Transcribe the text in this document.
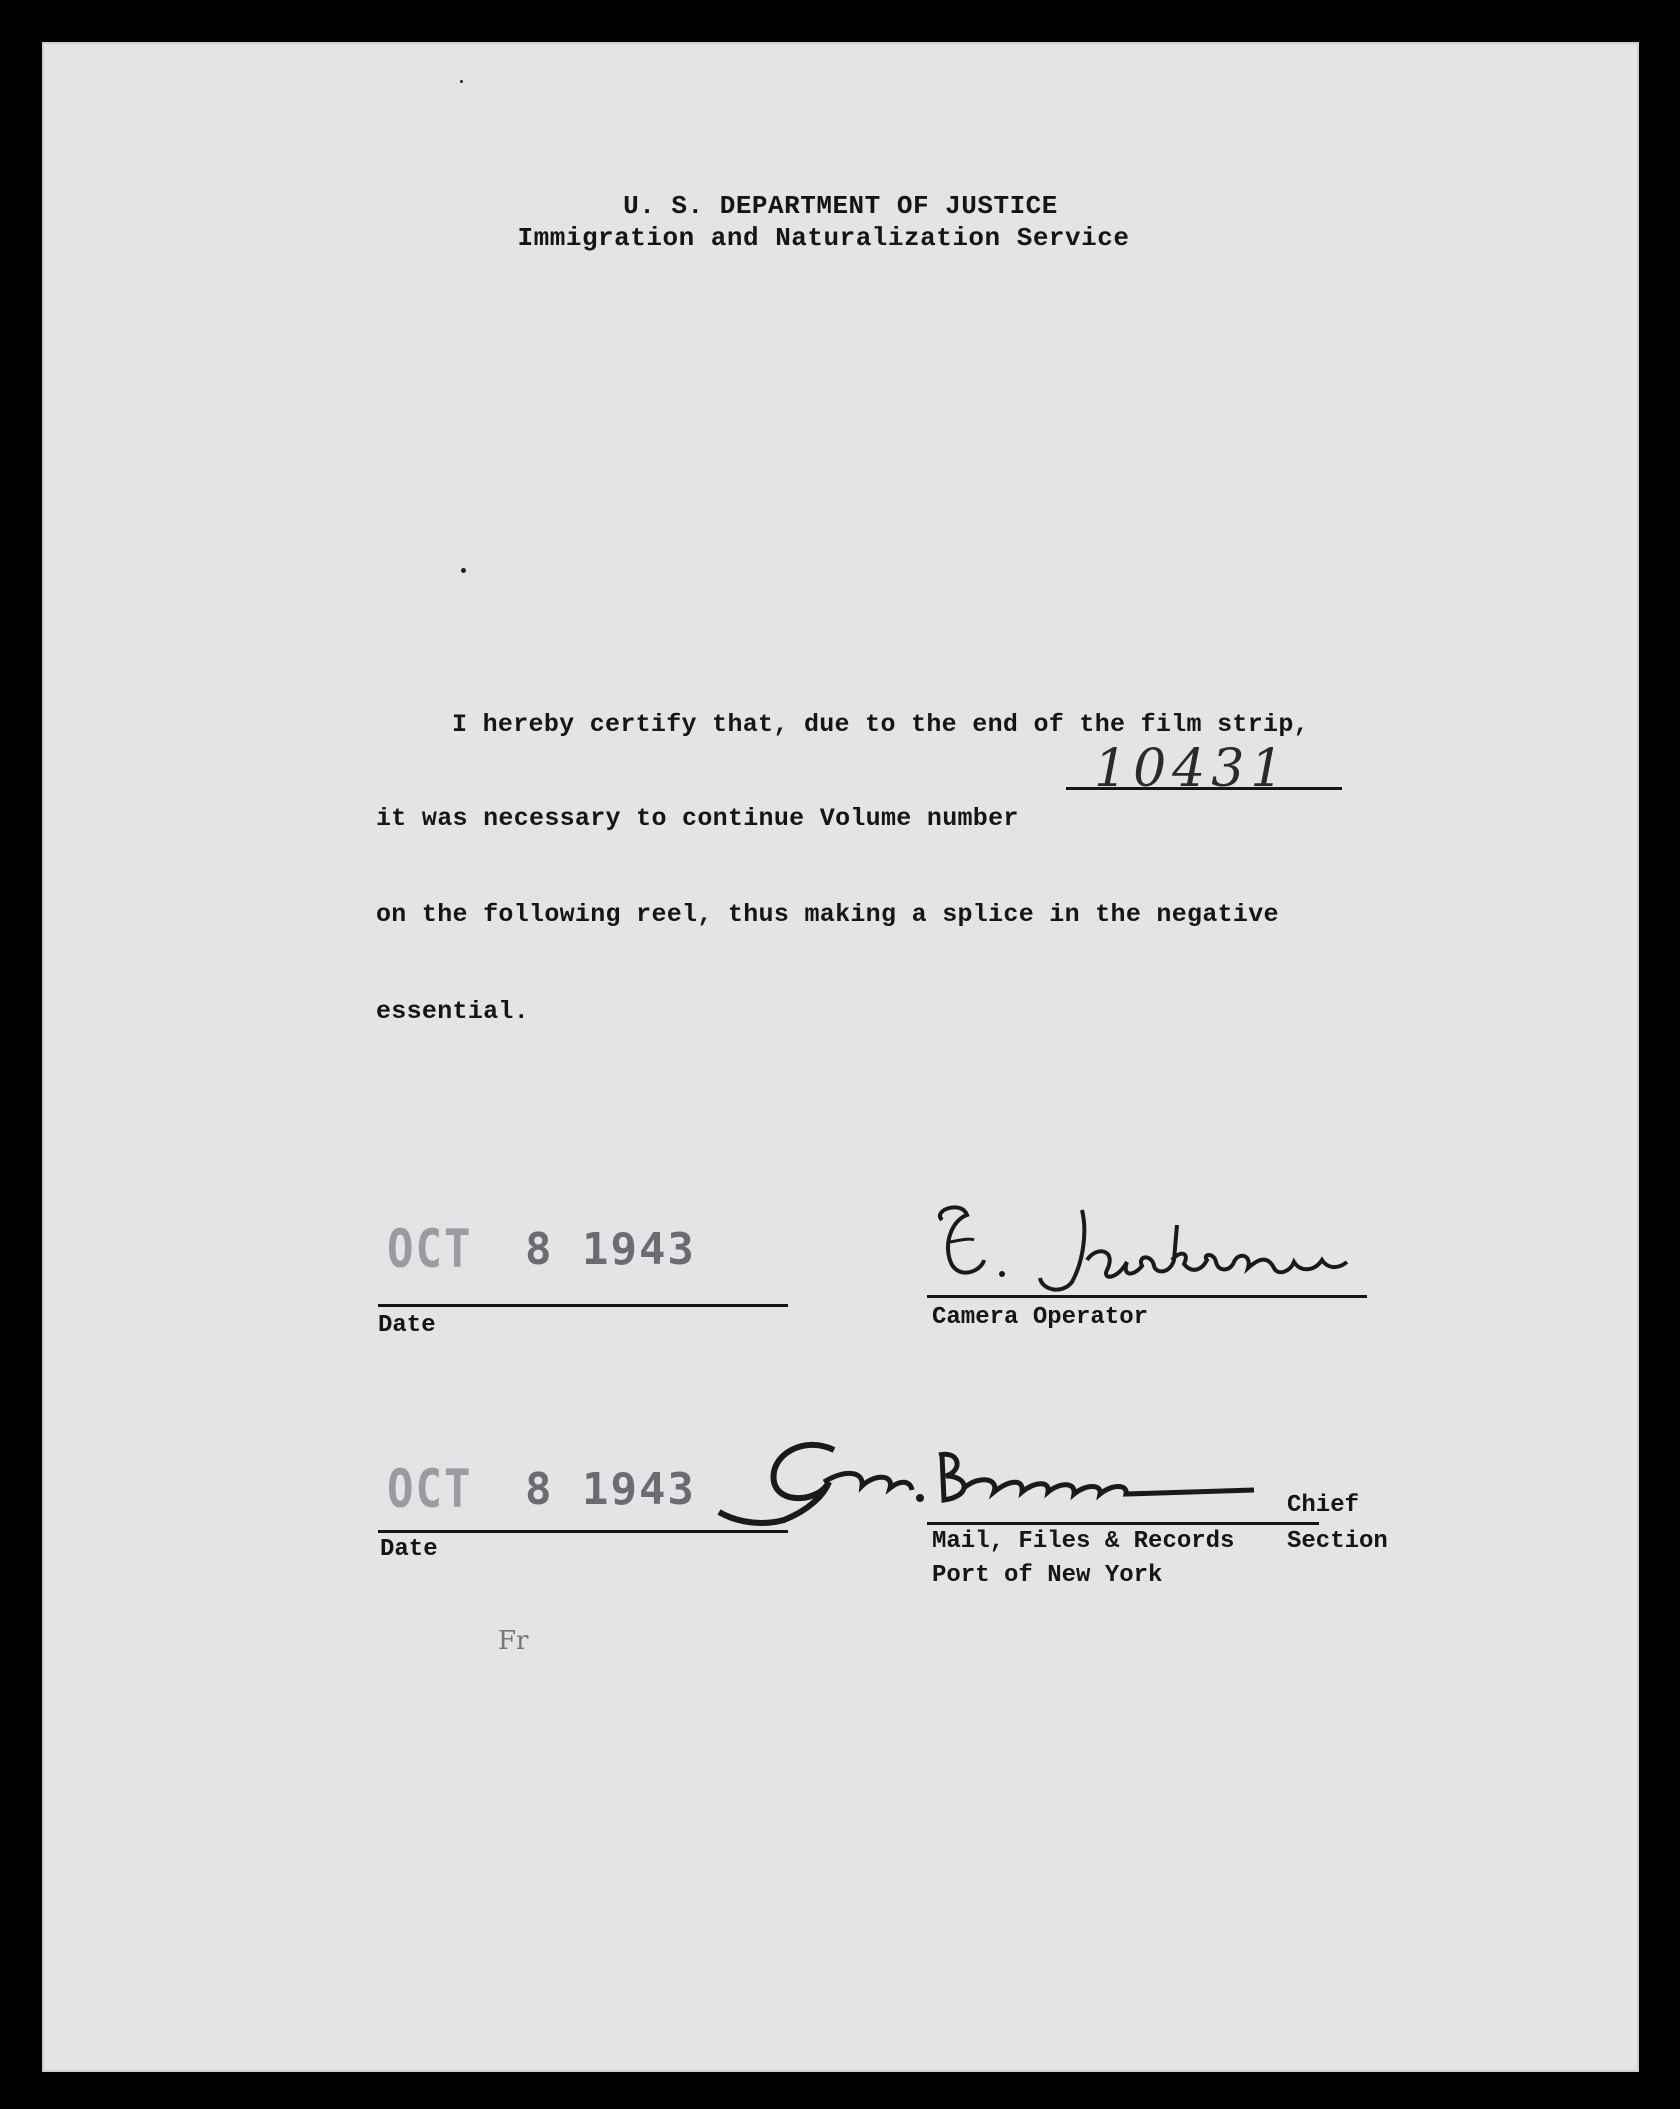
U. S. DEPARTMENT OF JUSTICE
Immigration and Naturalization Service
I hereby certify that, due to the end of the film strip,
it was necessary to continue Volume number
10431
on the following reel, thus making a splice in the negative
essential.
OCT 8 1943
Date	Camera Operator
OCT 8 1943
Date
Chief
Mail, Files & Records Section
Port of New York
Fr
